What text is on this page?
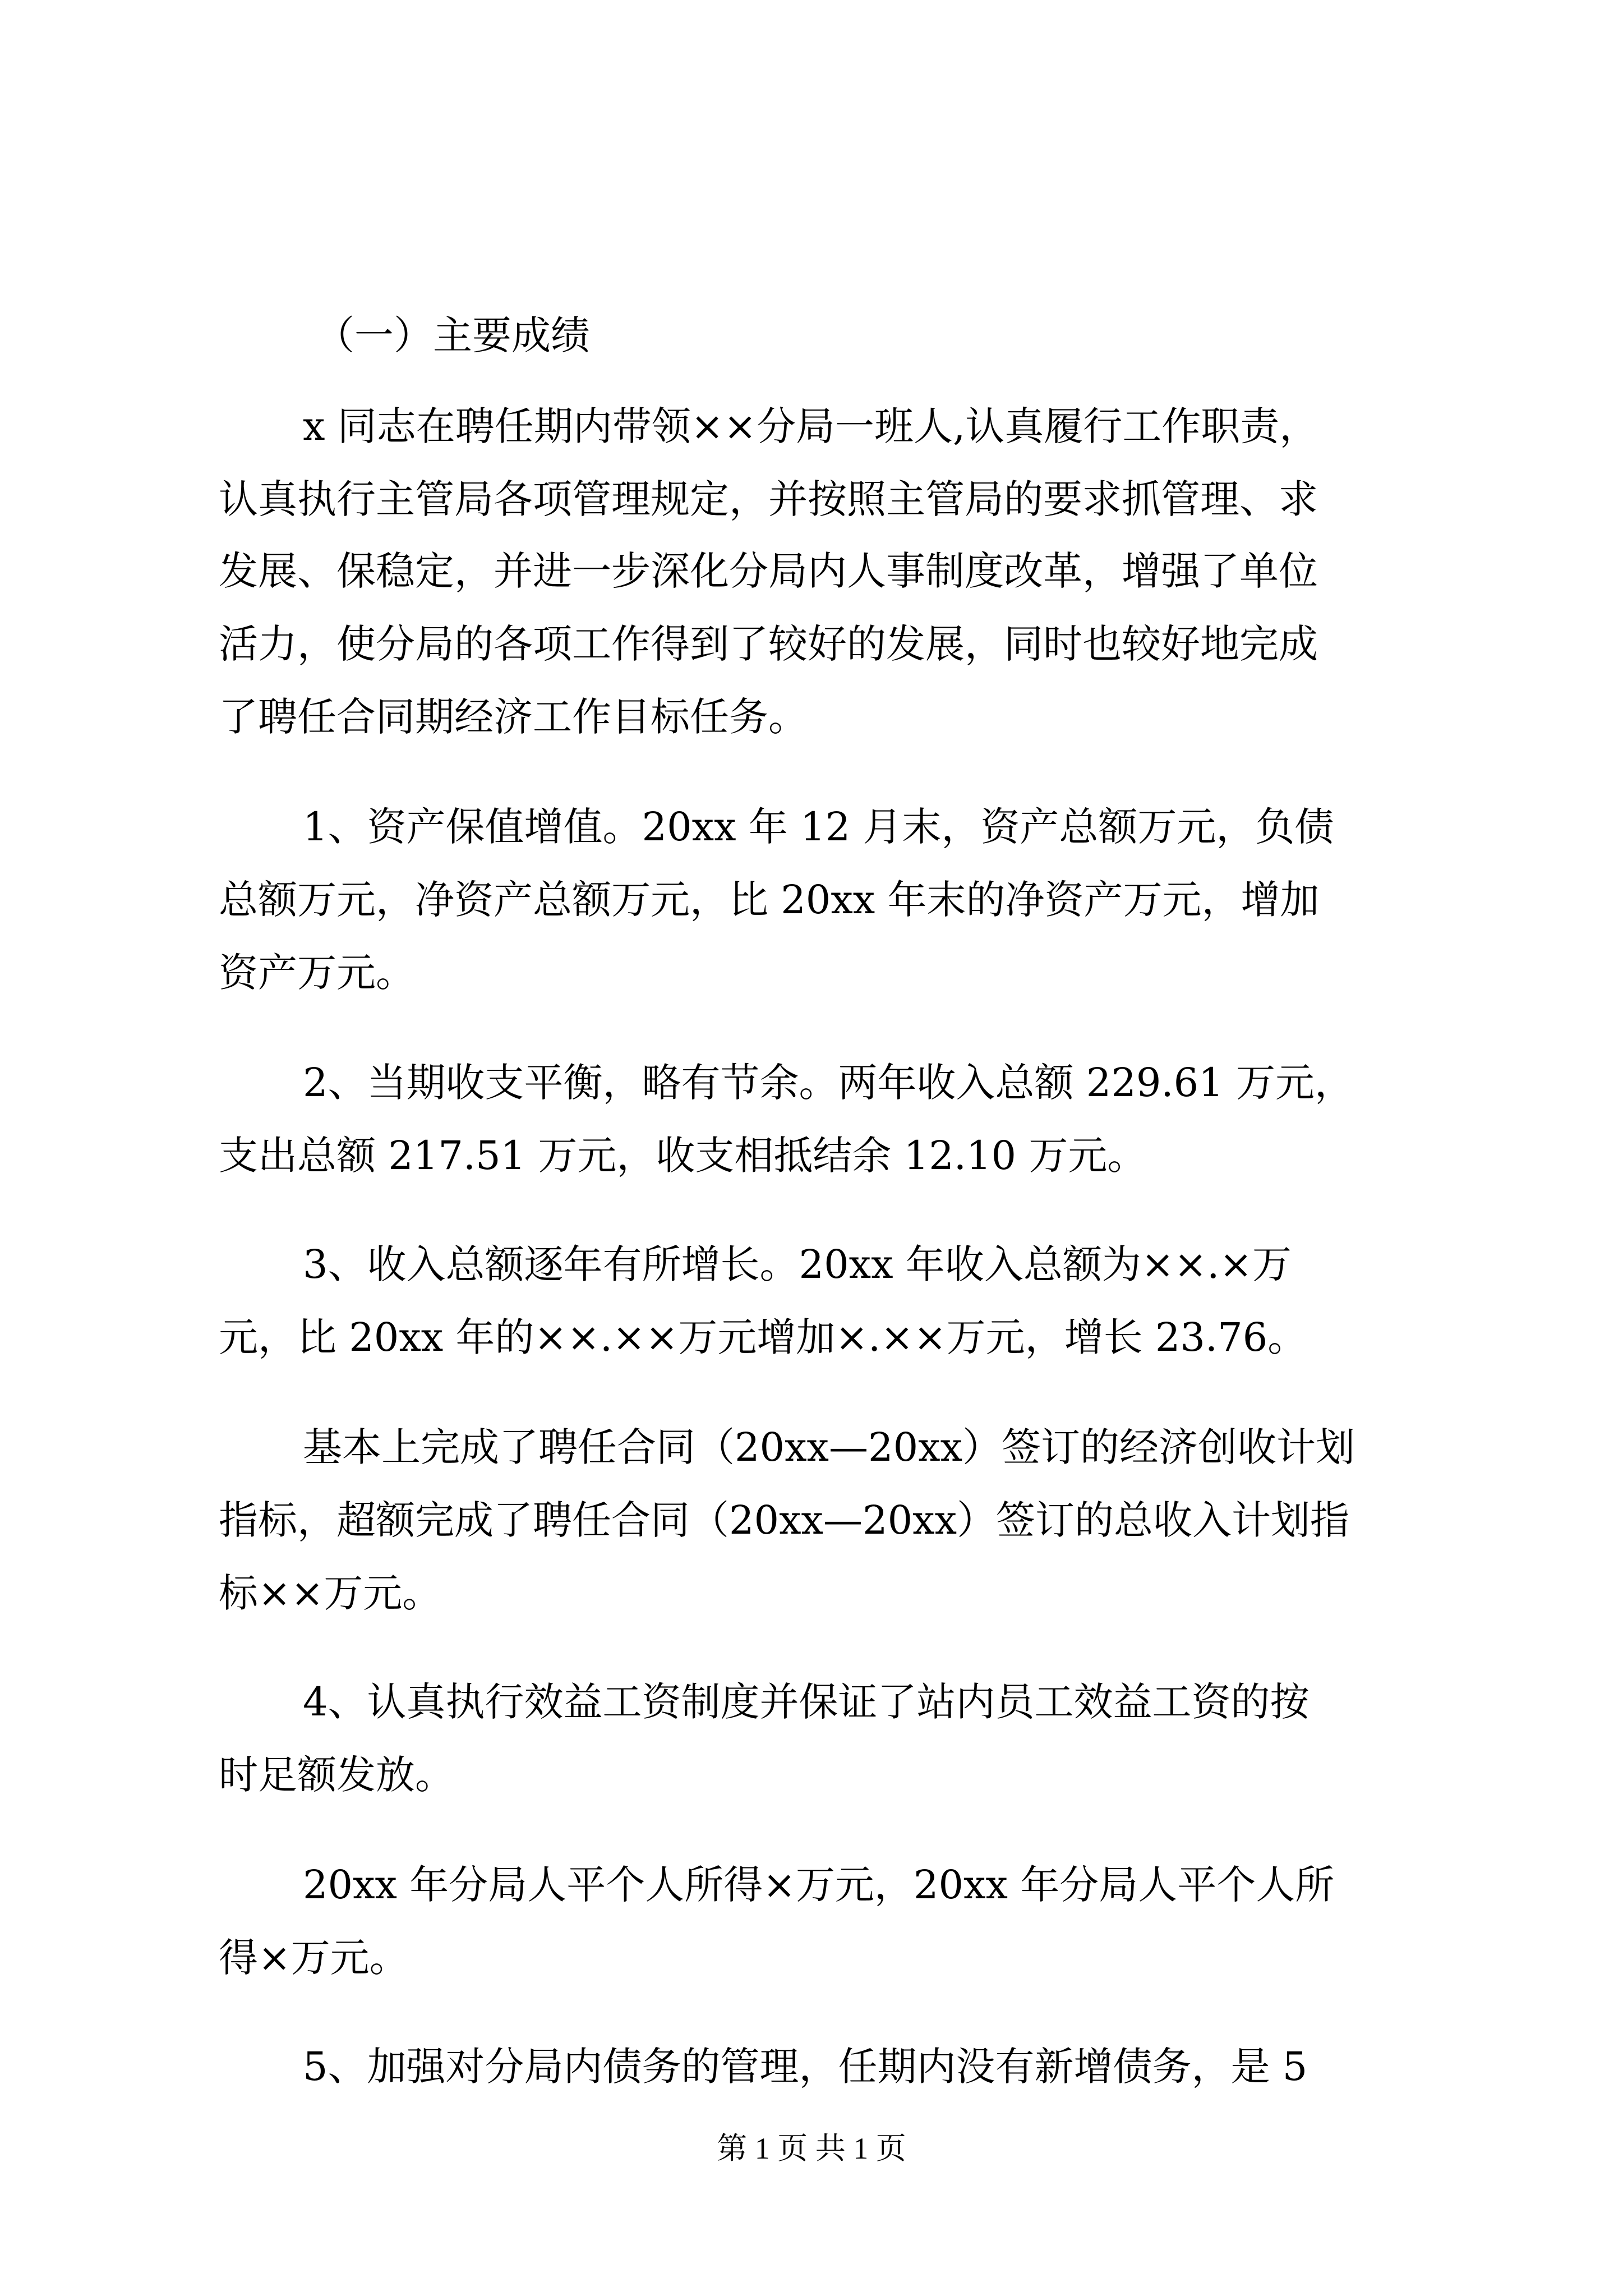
（一）主要成绩

x 同志在聘任期内带领××分局一班人,认真履行工作职责，

认真执行主管局各项管理规定，并按照主管局的要求抓管理、求

发展、保稳定，并进一步深化分局内人事制度改革，增强了单位

活力，使分局的各项工作得到了较好的发展，同时也较好地完成

了聘任合同期经济工作目标任务。

1、资产保值增值。20xx 年 12 月末，资产总额万元，负债

总额万元，净资产总额万元，比 20xx 年末的净资产万元，增加

资产万元。

2、当期收支平衡，略有节余。两年收入总额 229.61 万元，

支出总额 217.51 万元，收支相抵结余 12.10 万元。

3、收入总额逐年有所增长。20xx 年收入总额为××.×万

元，比 20xx 年的××.××万元增加×.××万元，增长 23.76。

基本上完成了聘任合同（20xx—20xx）签订的经济创收计划

指标，超额完成了聘任合同（20xx—20xx）签订的总收入计划指

标××万元。

4、认真执行效益工资制度并保证了站内员工效益工资的按

时足额发放。

20xx 年分局人平个人所得×万元，20xx 年分局人平个人所

得×万元。

5、加强对分局内债务的管理，任期内没有新增债务，是 5

第 1 页 共 1 页
